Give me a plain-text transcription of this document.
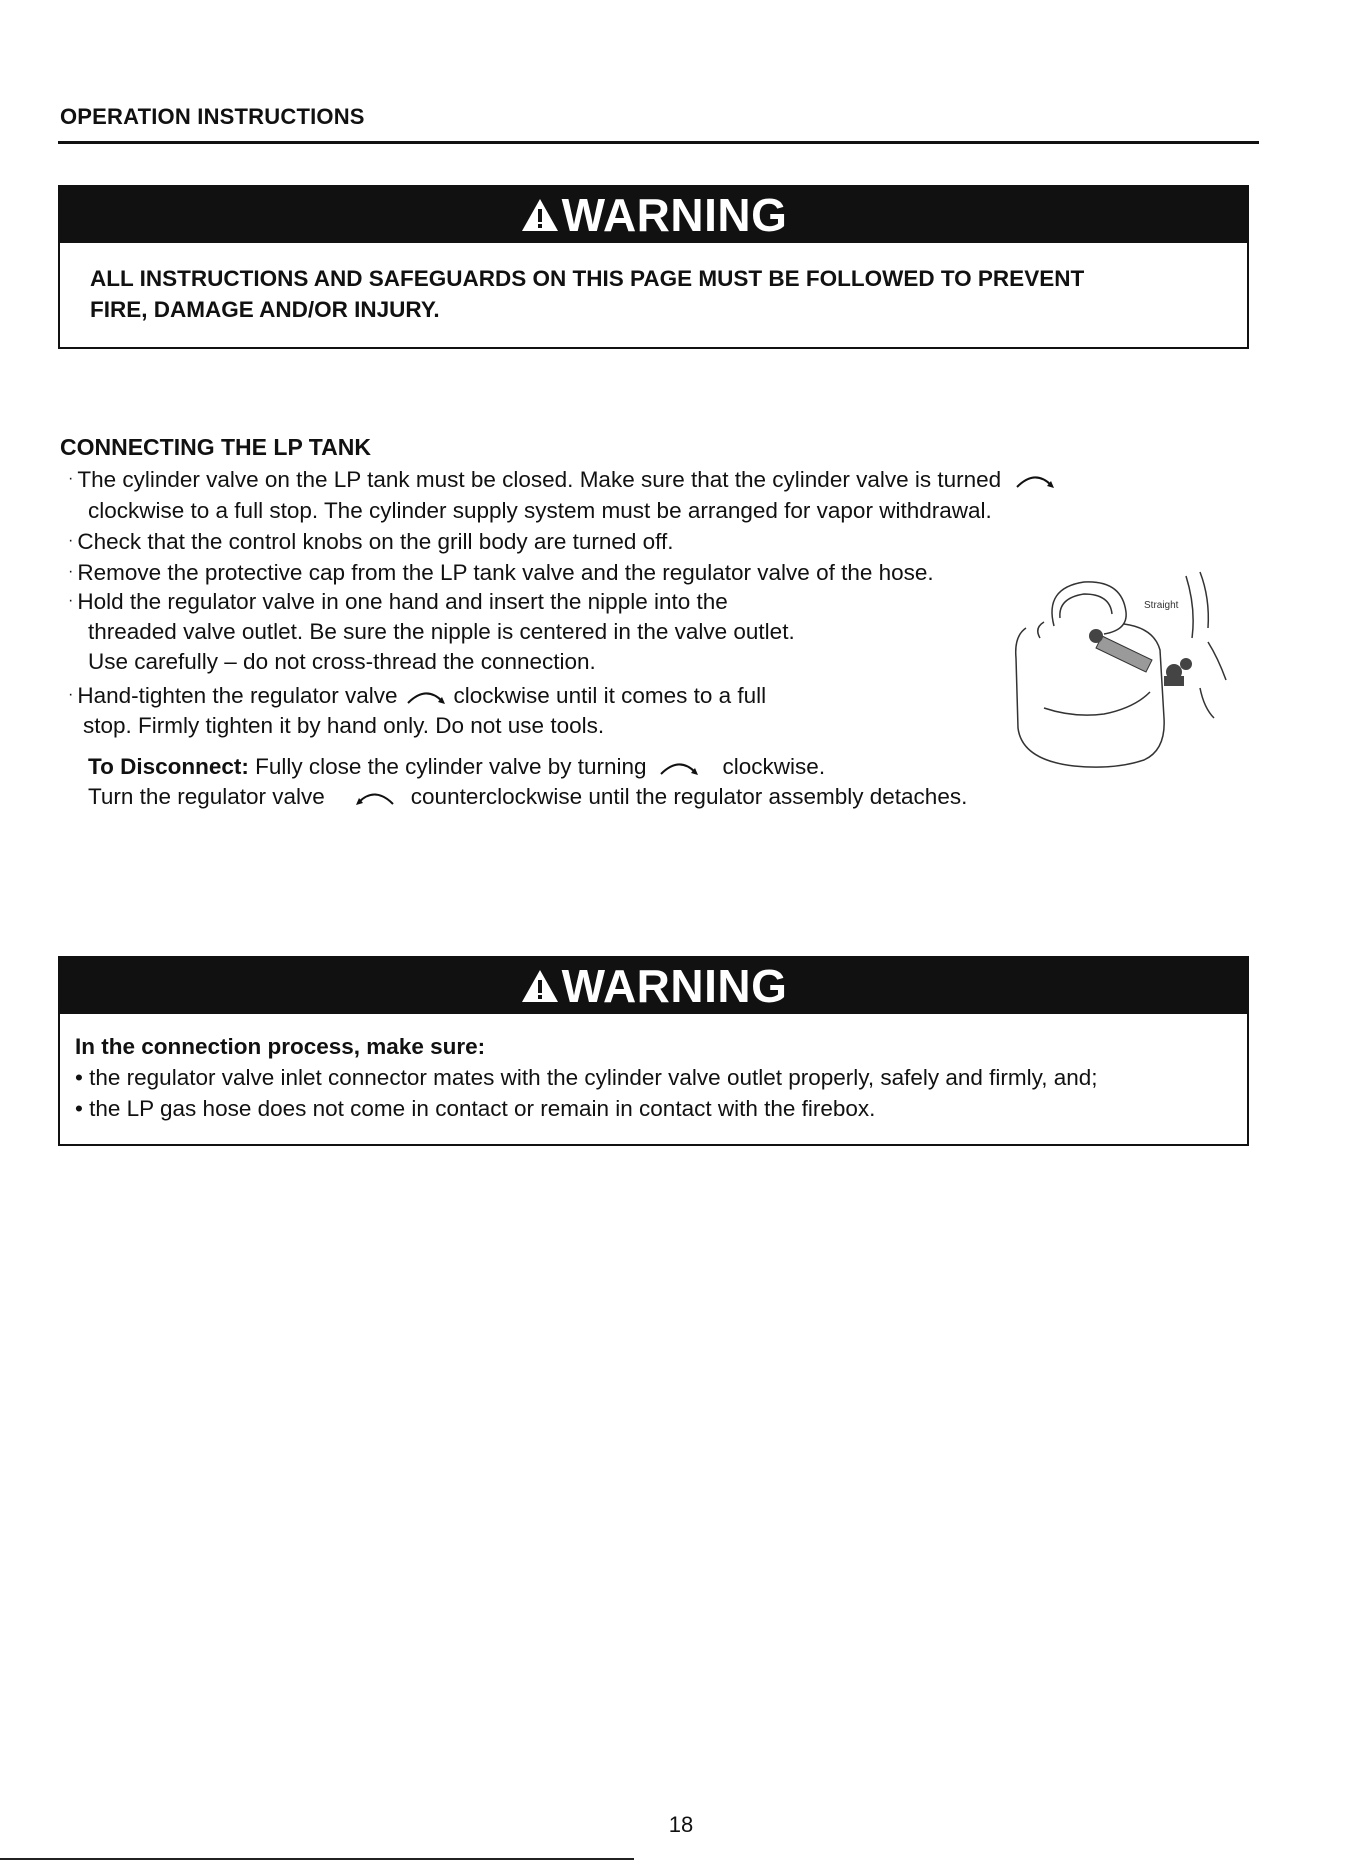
OPERATION INSTRUCTIONS
WARNING
ALL INSTRUCTIONS AND SAFEGUARDS ON THIS PAGE MUST BE FOLLOWED TO PREVENT
FIRE, DAMAGE AND/OR INJURY.
CONNECTING THE LP TANK
· The cylinder valve on the LP tank must be closed. Make sure that the cylinder valve is turned
clockwise to a full stop. The cylinder supply system must be arranged for vapor withdrawal.
· Check that the control knobs on the grill body are turned off.
· Remove the protective cap from the LP tank valve and the regulator valve of the hose.
· Hold the regulator valve in one hand and insert the nipple into the
threaded valve outlet. Be sure the nipple is centered in the valve outlet.
Use carefully – do not cross-thread the connection.
· Hand-tighten the regulator valve clockwise until it comes to a full
stop. Firmly tighten it by hand only. Do not use tools.
To Disconnect: Fully close the cylinder valve by turning	clockwise.
Turn the regulator valve	counterclockwise until the regulator assembly detaches.
Straight
WARNING
In the connection process, make sure:
• the regulator valve inlet connector mates with the cylinder valve outlet properly, safely and firmly, and;
• the LP gas hose does not come in contact or remain in contact with the firebox.
18
